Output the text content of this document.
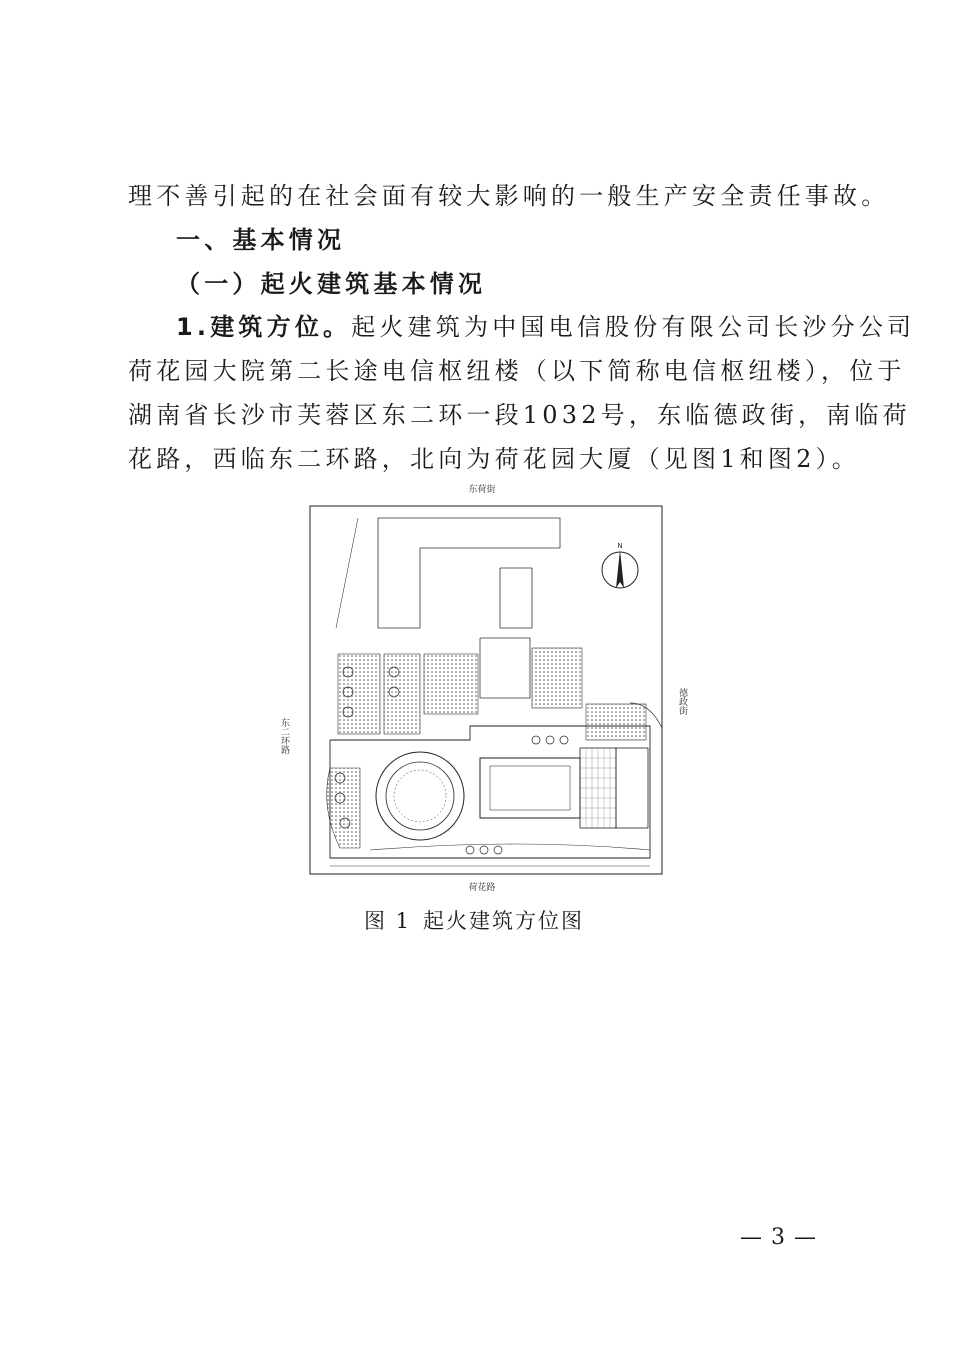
理不善引起的在社会面有较大影响的一般生产安全责任事故。
一、基本情况
（一）起火建筑基本情况
1.建筑方位。起火建筑为中国电信股份有限公司长沙分公司
荷花园大院第二长途电信枢纽楼（以下简称电信枢纽楼），位于
湖南省长沙市芙蓉区东二环一段1032号，东临德政街，南临荷
花路，西临东二环路，北向为荷花园大厦（见图1和图2）。
东荷街
荷花路
东二环路
德政街
N
图 1 起火建筑方位图
— 3 —
